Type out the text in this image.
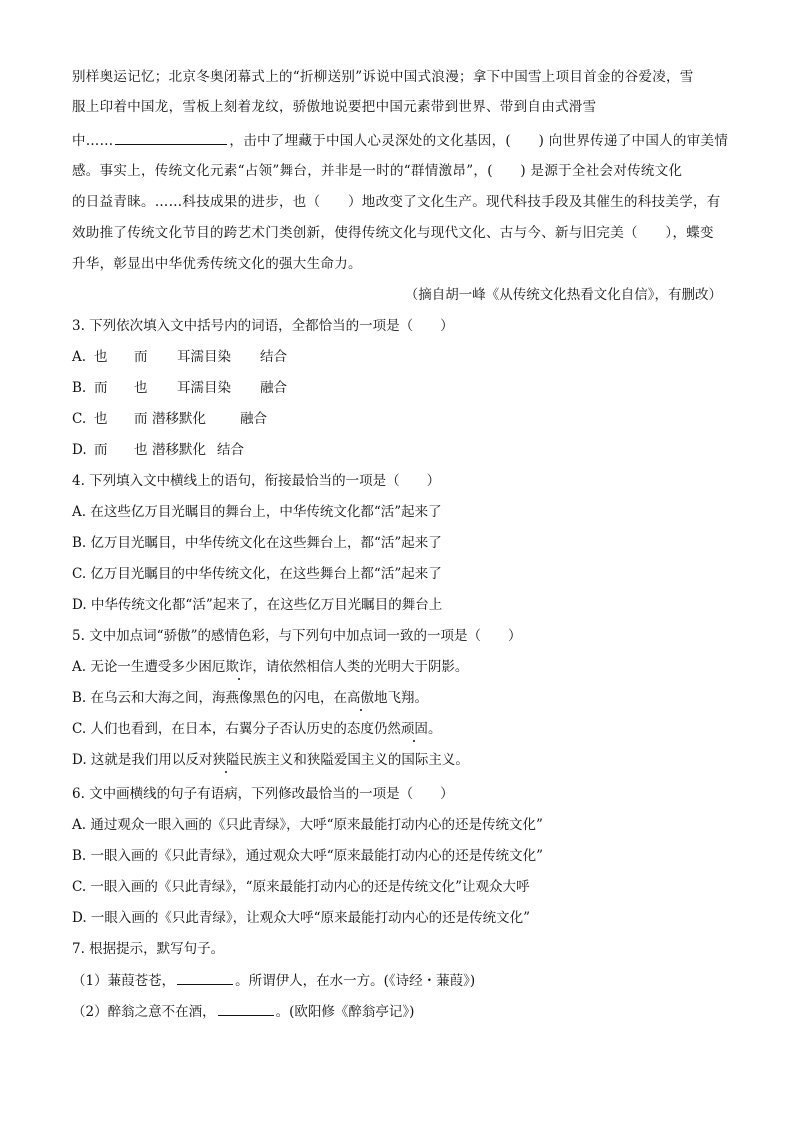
别样奥运记忆；北京冬奥闭幕式上的“折柳送别”诉说中国式浪漫；拿下中国雪上项目首金的谷爱凌，雪
服上印着中国龙，雪板上刻着龙纹，骄傲地说要把中国元素带到世界、带到自由式滑雪
中……	，击中了埋藏于中国人心灵深处的文化基因，(　　) 向世界传递了中国人的审美情
感。事实上，传统文化元素“占领”舞台，并非是一时的“群情激昂”，(　　) 是源于全社会对传统文化
的日益青睐。……科技成果的进步，也（　　）地改变了文化生产。现代科技手段及其催生的科技美学，有
效助推了传统文化节目的跨艺术门类创新，使得传统文化与现代文化、古与今、新与旧完美（　　），蝶变
升华，彰显出中华优秀传统文化的强大生命力。
（摘自胡一峰《从传统文化热看文化自信》，有删改）
3. 下列依次填入文中括号内的词语，全都恰当的一项是（　　）
A. 也 而 耳濡目染 结合
B. 而 也 耳濡目染 融合
C. 也 而 潜移默化	融合
D. 而 也 潜移默化 结合
4. 下列填入文中横线上的语句，衔接最恰当的一项是（　　）
A. 在这些亿万目光瞩目的舞台上，中华传统文化都“活”起来了
B. 亿万目光瞩目，中华传统文化在这些舞台上，都“活”起来了
C. 亿万目光瞩目的中华传统文化，在这些舞台上都“活”起来了
D. 中华传统文化都“活”起来了，在这些亿万目光瞩目的舞台上
5. 文中加点词“骄傲”的感情色彩，与下列句中加点词一致的一项是（　　）
A. 无论一生遭受多少困厄欺诈，请依然相信人类的光明大于阴影。
B. 在乌云和大海之间，海燕像黑色的闪电，在高傲地飞翔。
C. 人们也看到，在日本，右翼分子否认历史的态度仍然顽固。
D. 这就是我们用以反对狭隘民族主义和狭隘爱国主义的国际主义。
6. 文中画横线的句子有语病，下列修改最恰当的一项是（　　）
A. 通过观众一眼入画的《只此青绿》，大呼“原来最能打动内心的还是传统文化”
B. 一眼入画的《只此青绿》，通过观众大呼“原来最能打动内心的还是传统文化”
C. 一眼入画的《只此青绿》，“原来最能打动内心的还是传统文化”让观众大呼
D. 一眼入画的《只此青绿》，让观众大呼“原来最能打动内心的还是传统文化”
7. 根据提示，默写句子。
（1）蒹葭苍苍，	。所谓伊人，在水一方。(《诗经・蒹葭》)
（2）醉翁之意不在酒，	。(欧阳修《醉翁亭记》)
